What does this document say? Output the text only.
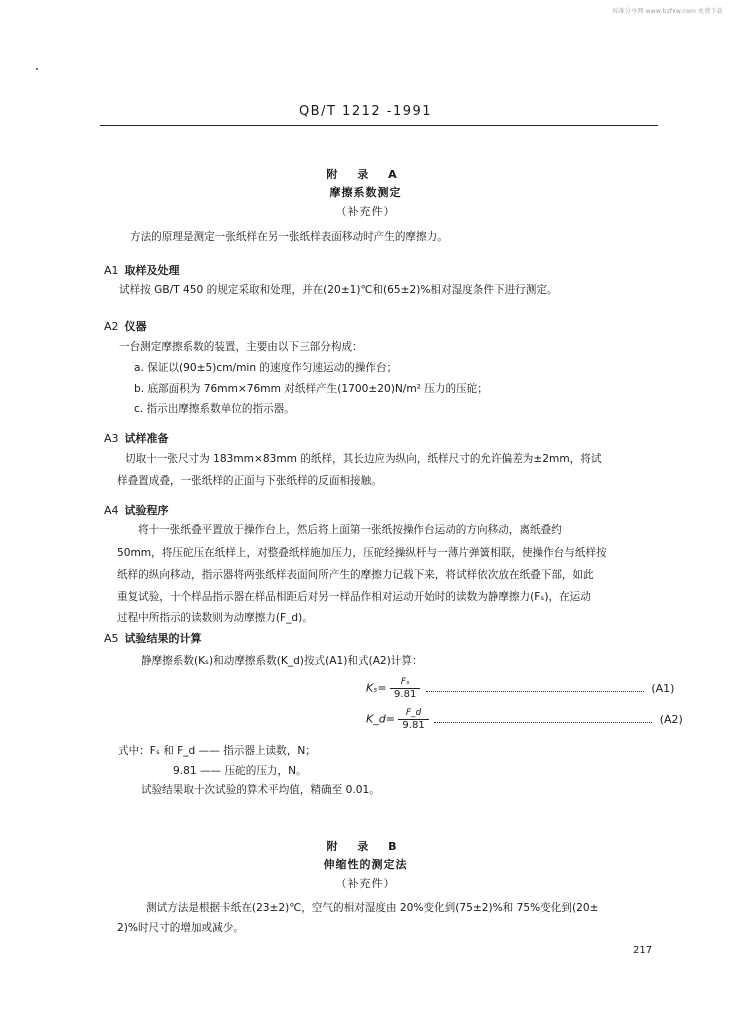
标准分享网 www.bzfxw.com 免费下载
QB/T 1212 -1991
附 录 A
摩擦系数测定
（补充件）
方法的原理是测定一张纸样在另一张纸样表面移动时产生的摩擦力。
A1 取样及处理
试样按 GB/T 450 的规定采取和处理，并在(20±1)℃和(65±2)%相对湿度条件下进行测定。
A2 仪器
一台测定摩擦系数的装置，主要由以下三部分构成：
a. 保证以(90±5)cm/min 的速度作匀速运动的操作台；
b. 底部面积为 76mm×76mm 对纸样产生(1700±20)N/m² 压力的压砣；
c. 指示出摩擦系数单位的指示器。
A3 试样准备
切取十一张尺寸为 183mm×83mm 的纸样，其长边应为纵向，纸样尺寸的允许偏差为±2mm，将试
样叠置成叠，一张纸样的正面与下张纸样的反面相接触。
A4 试验程序
将十一张纸叠平置放于操作台上，然后将上面第一张纸按操作台运动的方向移动，离纸叠约
50mm，将压砣压在纸样上，对整叠纸样施加压力，压砣经操纵杆与一薄片弹簧相联，使操作台与纸样按
纸样的纵向移动，指示器将两张纸样表面间所产生的摩擦力记载下来，将试样依次放在纸叠下部，如此
重复试验，十个样品指示器在样品相距后对另一样品作相对运动开始时的读数为静摩擦力(Fₛ)，在运动
过程中所指示的读数则为动摩擦力(F_d)。
A5 试验结果的计算
静摩擦系数(Kₛ)和动摩擦系数(K_d)按式(A1)和式(A2)计算：
$K_s= \frac{\text{Fₛ}}{9.81}$	(A1)
K_d= $\frac{F\_d}{9.81}$	(A2)
式中：Fₛ 和 F_d —— 指示器上读数，N；
9.81 —— 压砣的压力，N。
试验结果取十次试验的算术平均值，精确至 0.01。
附 录 B
伸缩性的测定法
（补充件）
测试方法是根据卡纸在(23±2)℃，空气的相对湿度由 20%变化到(75±2)%和 75%变化到(20±
2)%时尺寸的增加或减少。
217
